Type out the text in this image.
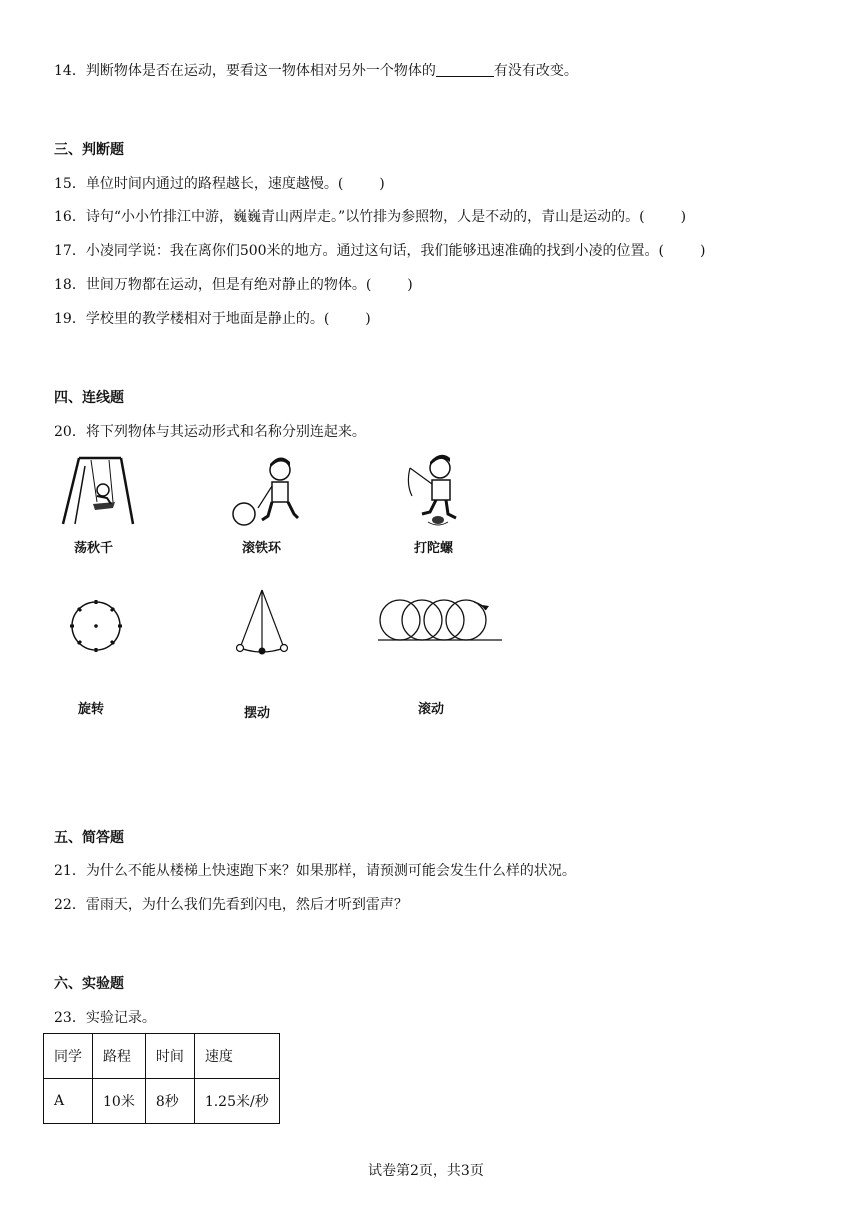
14．判断物体是否在运动，要看这一物体相对另外一个物体的	有没有改变。
三、判断题
15．单位时间内通过的路程越长，速度越慢。(	)
16．诗句“小小竹排江中游，巍巍青山两岸走。”以竹排为参照物，人是不动的，青山是运动的。(	)
17．小凌同学说：我在离你们500米的地方。通过这句话，我们能够迅速准确的找到小凌的位置。(	)
18．世间万物都在运动，但是有绝对静止的物体。(	)
19．学校里的教学楼相对于地面是静止的。(	)
四、连线题
20．将下列物体与其运动形式和名称分别连起来。
荡秋千	滚铁环	打陀螺
旋转	摆动	滚动
五、简答题
21．为什么不能从楼梯上快速跑下来？如果那样，请预测可能会发生什么样的状况。
22．雷雨天，为什么我们先看到闪电，然后才听到雷声？
六、实验题
23．实验记录。
同学	路程	时间	速度
A	10米	8秒	1.25米/秒
试卷第2页，共3页
